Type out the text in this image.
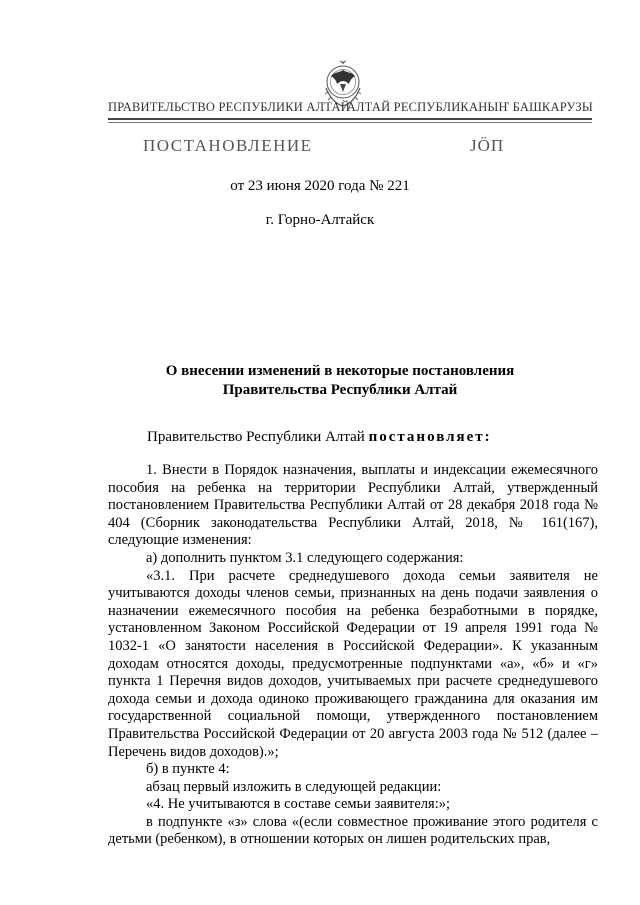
ПРАВИТЕЛЬСТВО РЕСПУБЛИКИ АЛТАЙ
АЛТАЙ РЕСПУБЛИКАНЫҤ БАШКАРУЗЫ
ПОСТАНОВЛЕНИЕ	JӦП
от 23 июня 2020 года № 221
г. Горно-Алтайск
О внесении изменений в некоторые постановления
Правительства Республики Алтай
Правительство Республики Алтай постановляет:

1. Внести в Порядок назначения, выплаты и индексации ежемесячного пособия на ребенка на территории Республики Алтай, утвержденный постановлением Правительства Республики Алтай от 28 декабря 2018 года № 404 (Сборник законодательства Республики Алтай, 2018, № 161(167), следующие изменения:

а) дополнить пунктом 3.1 следующего содержания:

«3.1. При расчете среднедушевого дохода семьи заявителя не учитываются доходы членов семьи, признанных на день подачи заявления о назначении ежемесячного пособия на ребенка безработными в порядке, установленном Законом Российской Федерации от 19 апреля 1991 года № 1032-1 «О занятости населения в Российской Федерации». К указанным доходам относятся доходы, предусмотренные подпунктами «а», «б» и «г» пункта 1 Перечня видов доходов, учитываемых при расчете среднедушевого дохода семьи и дохода одиноко проживающего гражданина для оказания им государственной социальной помощи, утвержденного постановлением Правительства Российской Федерации от 20 августа 2003 года № 512 (далее – Перечень видов доходов).»;

б) в пункте 4:

абзац первый изложить в следующей редакции:

«4. Не учитываются в составе семьи заявителя:»;

в подпункте «з» слова «(если совместное проживание этого родителя с детьми (ребенком), в отношении которых он лишен родительских прав,
